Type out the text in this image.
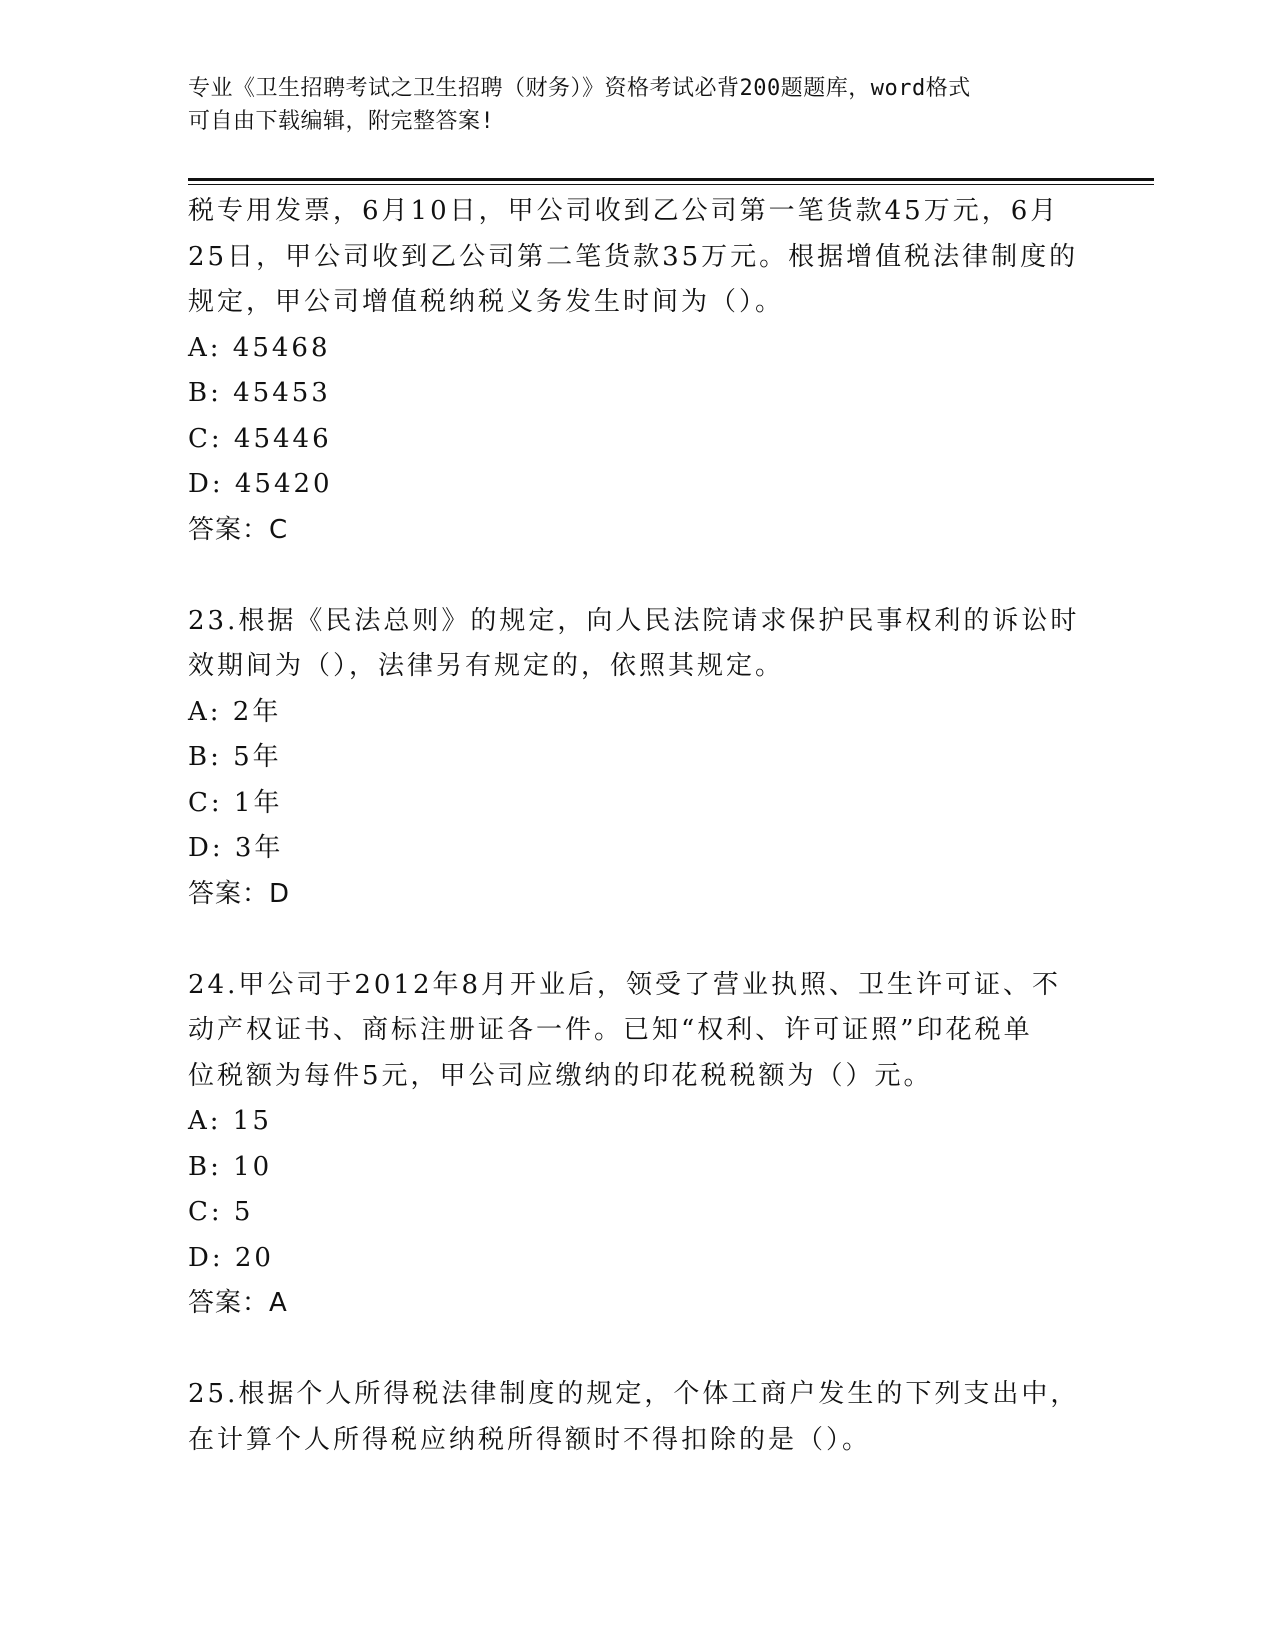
专业《卫生招聘考试之卫生招聘（财务）》资格考试必背200题题库，word格式
可自由下载编辑，附完整答案!

税专用发票，6月10日，甲公司收到乙公司第一笔货款45万元，6月

25日，甲公司收到乙公司第二笔货款35万元。根据增值税法律制度的

规定，甲公司增值税纳税义务发生时间为（）。

A: 45468

B: 45453

C: 45446

D: 45420

答案：C

23.根据《民法总则》的规定，向人民法院请求保护民事权利的诉讼时

效期间为（），法律另有规定的，依照其规定。

A: 2年

B: 5年

C: 1年

D: 3年

答案：D

24.甲公司于2012年8月开业后，领受了营业执照、卫生许可证、不

动产权证书、商标注册证各一件。已知“权利、许可证照”印花税单

位税额为每件5元，甲公司应缴纳的印花税税额为（）元。

A: 15

B: 10

C: 5

D: 20

答案：A

25.根据个人所得税法律制度的规定，个体工商户发生的下列支出中，

在计算个人所得税应纳税所得额时不得扣除的是（）。
